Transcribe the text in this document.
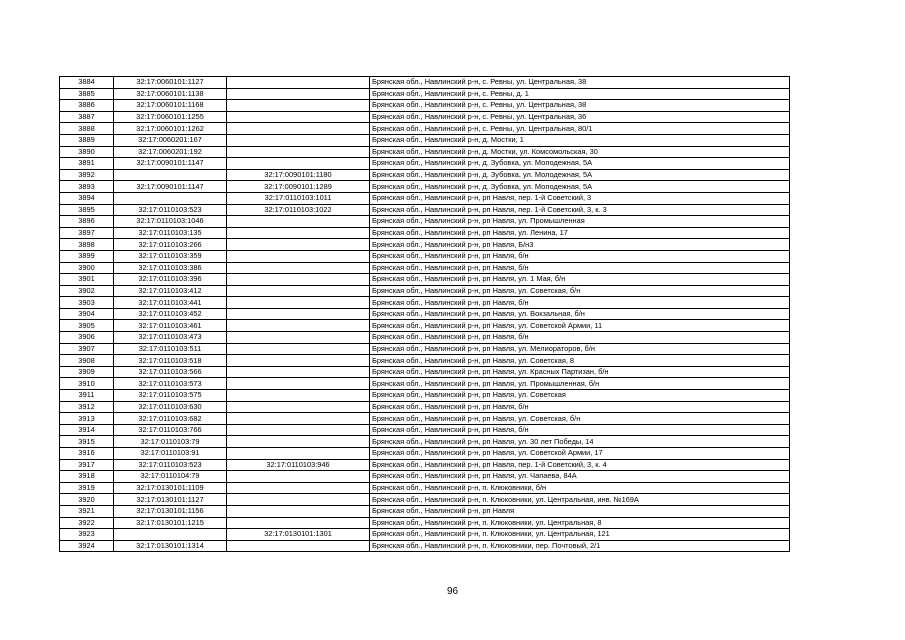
3884	32:17:0060101:1127		Брянская обл., Навлинский р-н, с. Ревны, ул. Центральная, 38
3885	32:17:0060101:1138		Брянская обл., Навлинский р-н, с. Ревны, д. 1
3886	32:17:0060101:1168		Брянская обл., Навлинский р-н, с. Ревны, ул. Центральная, 38
3887	32:17:0060101:1255		Брянская обл., Навлинский р-н, с. Ревны, ул. Центральная, 36
3888	32:17:0060101:1262		Брянская обл., Навлинский р-н, с. Ревны, ул. Центральная, 80/1
3889	32:17:0060201:167		Брянская обл., Навлинский р-н, д. Мостки, 1
3890	32:17:0060201:192		Брянская обл., Навлинский р-н, д. Мостки, ул. Комсомольская, 30
3891	32:17:0090101:1147		Брянская обл., Навлинский р-н, д. Зубовка, ул. Молодежная, 5А
3892		32:17:0090101:1180	Брянская обл., Навлинский р-н, д. Зубовка, ул. Молодежная, 5А
3893	32:17:0090101:1147	32:17:0090101:1289	Брянская обл., Навлинский р-н, д. Зубовка, ул. Молодежная, 5А
3894		32:17:0110103:1011	Брянская обл., Навлинский р-н, рп Навля, пер. 1-й Советский, 3
3895	32:17:0110103:523	32:17:0110103:1022	Брянская обл., Навлинский р-н, рп Навля, пер. 1-й Советский, 3, к. 3
3896	32:17:0110103:1046		Брянская обл., Навлинский р-н, рп Навля, ул. Промышленная
3897	32:17:0110103:135		Брянская обл., Навлинский р-н, рп Навля, ул. Ленина, 17
3898	32:17:0110103:266		Брянская обл., Навлинский р-н, рп Навля, Б/н3
3899	32:17:0110103:359		Брянская обл., Навлинский р-н, рп Навля, б/н
3900	32:17:0110103:386		Брянская обл., Навлинский р-н, рп Навля, б/н
3901	32:17:0110103:396		Брянская обл., Навлинский р-н, рп Навля, ул. 1 Мая, б/н
3902	32:17:0110103:412		Брянская обл., Навлинский р-н, рп Навля, ул. Советская, б/н
3903	32:17:0110103:441		Брянская обл., Навлинский р-н, рп Навля, б/н
3904	32:17:0110103:452		Брянская обл., Навлинский р-н, рп Навля, ул. Вокзальная, б/н
3905	32:17:0110103:461		Брянская обл., Навлинский р-н, рп Навля, ул. Советской Армии, 11
3906	32:17:0110103:473		Брянская обл., Навлинский р-н, рп Навля, б/н
3907	32:17:0110103:511		Брянская обл., Навлинский р-н, рп Навля, ул. Мелиораторов, б/н
3908	32:17:0110103:518		Брянская обл., Навлинский р-н, рп Навля, ул. Советская, 8
3909	32:17:0110103:566		Брянская обл., Навлинский р-н, рп Навля, ул. Красных Партизан, б/н
3910	32:17:0110103:573		Брянская обл., Навлинский р-н, рп Навля, ул. Промышленная, б/н
3911	32:17:0110103:575		Брянская обл., Навлинский р-н, рп Навля, ул. Советская
3912	32:17:0110103:630		Брянская обл., Навлинский р-н, рп Навля, б/н
3913	32:17:0110103:682		Брянская обл., Навлинский р-н, рп Навля, ул. Советская, б/н
3914	32:17:0110103:766		Брянская обл., Навлинский р-н, рп Навля, б/н
3915	32:17:0110103:79		Брянская обл., Навлинский р-н, рп Навля, ул. 30 лет Победы, 14
3916	32:17:0110103:91		Брянская обл., Навлинский р-н, рп Навля, ул. Советской Армии, 17
3917	32:17:0110103:523	32:17:0110103:946	Брянская обл., Навлинский р-н, рп Навля, пер. 1-й Советский, 3, к. 4
3918	32:17:0110104:79		Брянская обл., Навлинский р-н, рп Навля, ул. Чапаева, 84А
3919	32:17:0130101:1109		Брянская обл., Навлинский р-н, п. Клюковники, б/н
3920	32:17:0130101:1127		Брянская обл., Навлинский р-н, п. Клюковники, ул. Центральная, инв. №169А
3921	32:17:0130101:1156		Брянская обл., Навлинский р-н, рп Навля
3922	32:17:0130101:1215		Брянская обл., Навлинский р-н, п. Клюковники, ул. Центральная, 8
3923		32:17:0130101:1301	Брянская обл., Навлинский р-н, п. Клюковники, ул. Центральная, 121
3924	32:17:0130101:1314		Брянская обл., Навлинский р-н, п. Клюковники, пер. Почтовый, 2/1
96
